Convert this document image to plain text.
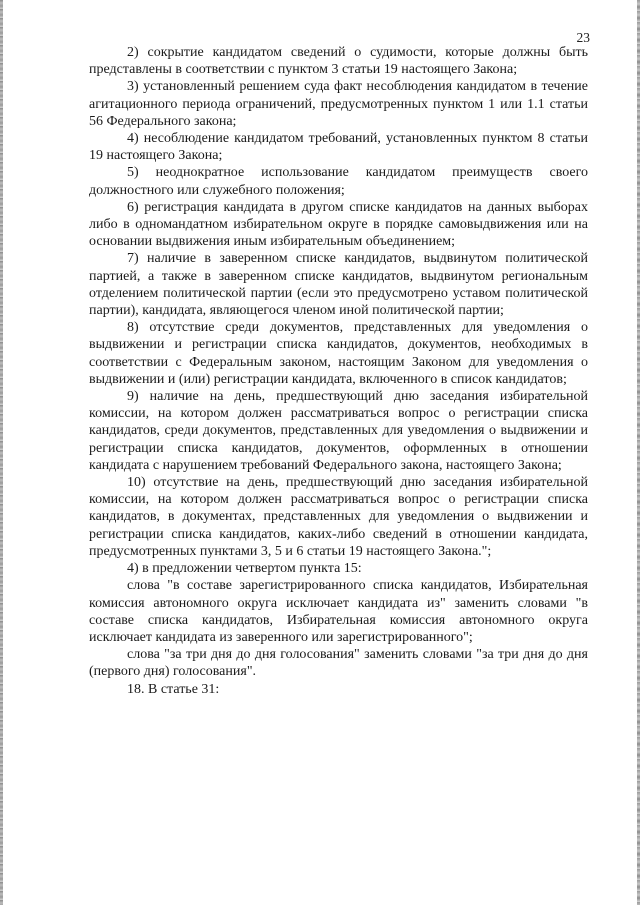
23

2) сокрытие кандидатом сведений о судимости, которые должны быть представлены в соответствии с пунктом 3 статьи 19 настоящего Закона;

3) установленный решением суда факт несоблюдения кандидатом в течение агитационного периода ограничений, предусмотренных пунктом 1 или 1.1 статьи 56 Федерального закона;

4) несоблюдение кандидатом требований, установленных пунктом 8 статьи 19 настоящего Закона;

5) неоднократное использование кандидатом преимуществ своего должностного или служебного положения;

6) регистрация кандидата в другом списке кандидатов на данных выборах либо в одномандатном избирательном округе в порядке самовыдвижения или на основании выдвижения иным избирательным объединением;

7) наличие в заверенном списке кандидатов, выдвинутом политической партией, а также в заверенном списке кандидатов, выдвинутом региональным отделением политической партии (если это предусмотрено уставом политической партии), кандидата, являющегося членом иной политической партии;

8) отсутствие среди документов, представленных для уведомления о выдвижении и регистрации списка кандидатов, документов, необходимых в соответствии с Федеральным законом, настоящим Законом для уведомления о выдвижении и (или) регистрации кандидата, включенного в список кандидатов;

9) наличие на день, предшествующий дню заседания избирательной комиссии, на котором должен рассматриваться вопрос о регистрации списка кандидатов, среди документов, представленных для уведомления о выдвижении и регистрации списка кандидатов, документов, оформленных в отношении кандидата с нарушением требований Федерального закона, настоящего Закона;

10) отсутствие на день, предшествующий дню заседания избирательной комиссии, на котором должен рассматриваться вопрос о регистрации списка кандидатов, в документах, представленных для уведомления о выдвижении и регистрации списка кандидатов, каких-либо сведений в отношении кандидата, предусмотренных пунктами 3, 5 и 6 статьи 19 настоящего Закона.";

4) в предложении четвертом пункта 15:

слова "в составе зарегистрированного списка кандидатов, Избирательная комиссия автономного округа исключает кандидата из" заменить словами "в составе списка кандидатов, Избирательная комиссия автономного округа исключает кандидата из заверенного или зарегистрированного";

слова "за три дня до дня голосования" заменить словами "за три дня до дня (первого дня) голосования".

18. В статье 31:
